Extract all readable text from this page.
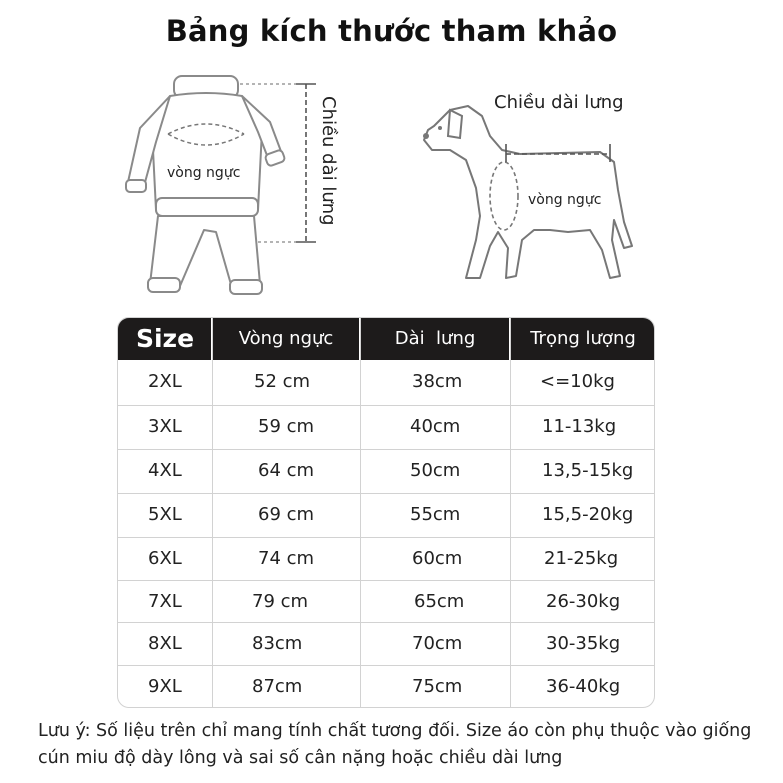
Bảng kích thước tham khảo
vòng ngực	Chiều dài lưng	Chiều dài lưng
vòng ngực
Size	Vòng ngực	Dài  lưng	Trọng lượng
2XL	52 cm	38cm	<=10kg
3XL	59 cm	40cm	11-13kg
4XL	64 cm	50cm	13,5-15kg
5XL	69 cm	55cm	15,5-20kg
6XL	74 cm	60cm	21-25kg
7XL	79 cm	65cm	26-30kg
8XL	83cm	70cm	30-35kg
9XL	87cm	75cm	36-40kg
Lưu ý: Số liệu trên chỉ mang tính chất tương đối. Size áo còn phụ thuộc vào giống cún miu độ dày lông và sai số cân nặng hoặc chiều dài lưng
